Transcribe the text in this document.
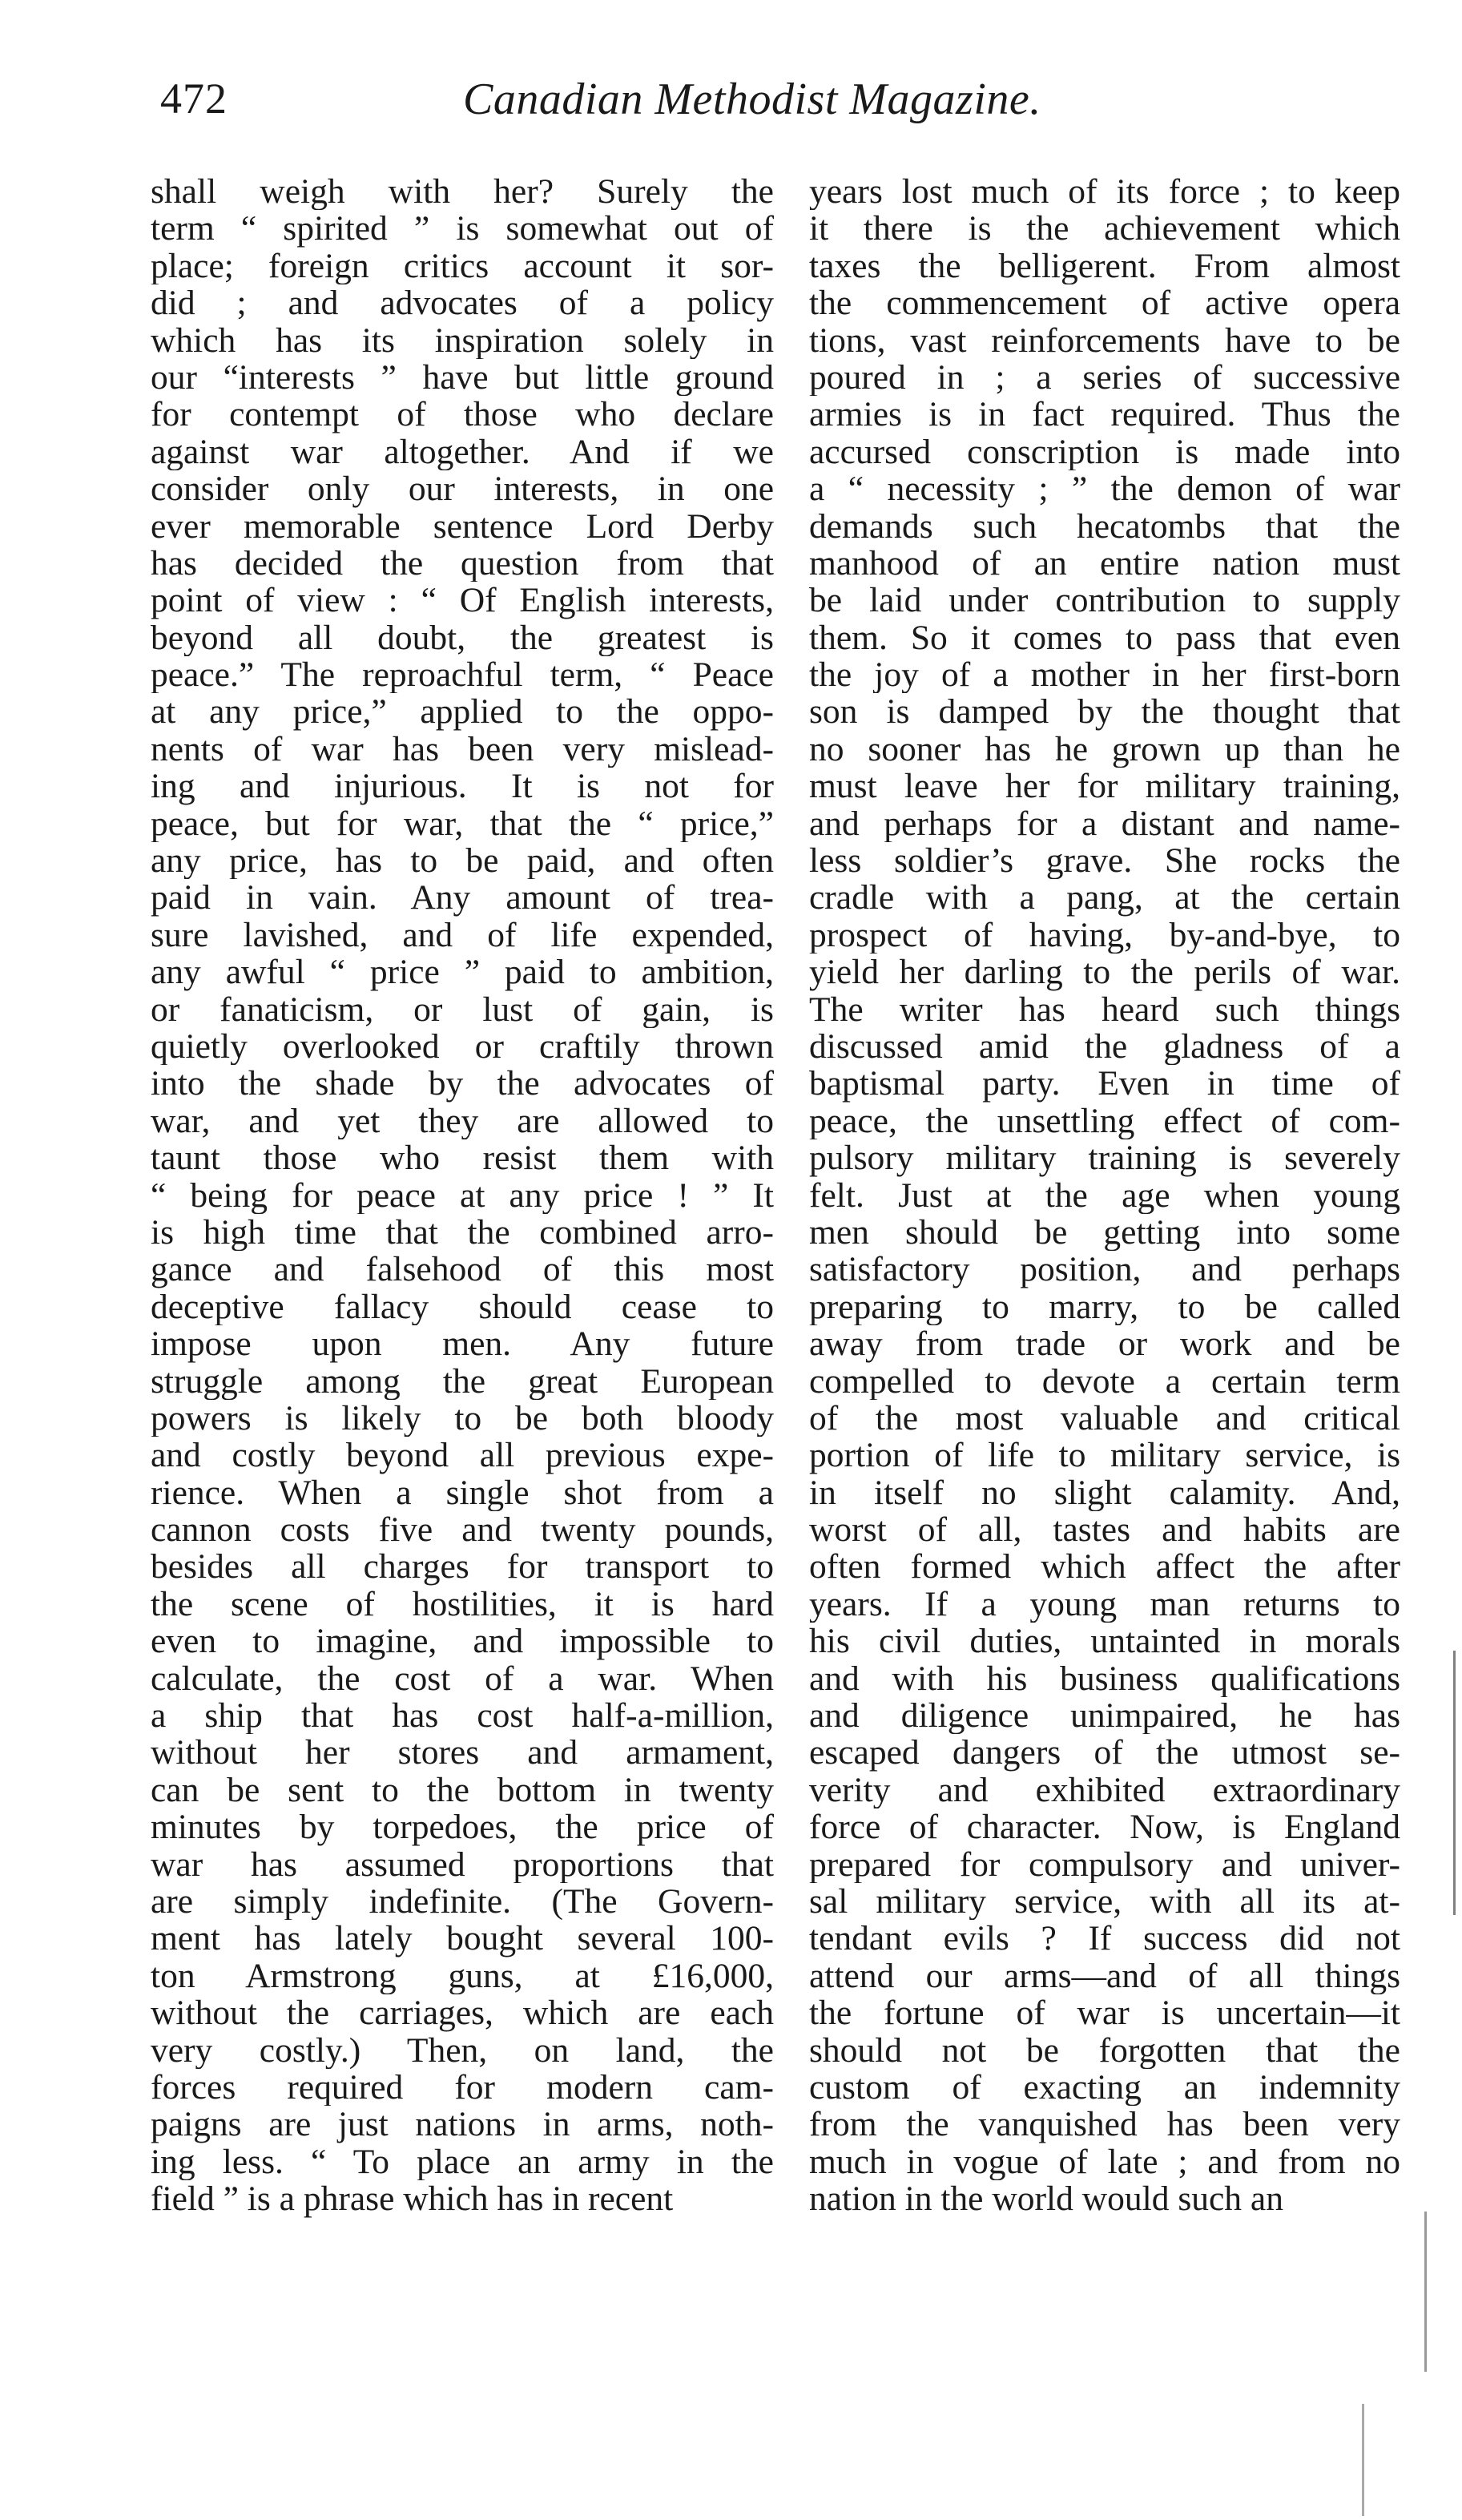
472	Canadian Methodist Magazine.
shall weigh with her? Surely the
term “ spirited ” is somewhat out of
place; foreign critics account it sor-
did ; and advocates of a policy
which has its inspiration solely in
our “interests ” have but little ground
for contempt of those who declare
against war altogether. And if we
consider only our interests, in one
ever memorable sentence Lord Derby
has decided the question from that
point of view : “ Of English interests,
beyond all doubt, the greatest is
peace.” The reproachful term, “ Peace
at any price,” applied to the oppo-
nents of war has been very mislead-
ing and injurious. It is not for
peace, but for war, that the “ price,”
any price, has to be paid, and often
paid in vain. Any amount of trea-
sure lavished, and of life expended,
any awful “ price ” paid to ambition,
or fanaticism, or lust of gain, is
quietly overlooked or craftily thrown
into the shade by the advocates of
war, and yet they are allowed to
taunt those who resist them with
“ being for peace at any price ! ” It
is high time that the combined arro-
gance and falsehood of this most
deceptive fallacy should cease to
impose upon men. Any future
struggle among the great European
powers is likely to be both bloody
and costly beyond all previous expe-
rience. When a single shot from a
cannon costs five and twenty pounds,
besides all charges for transport to
the scene of hostilities, it is hard
even to imagine, and impossible to
calculate, the cost of a war. When
a ship that has cost half-a-million,
without her stores and armament,
can be sent to the bottom in twenty
minutes by torpedoes, the price of
war has assumed proportions that
are simply indefinite. (The Govern-
ment has lately bought several 100-
ton Armstrong guns, at £16,000,
without the carriages, which are each
very costly.) Then, on land, the
forces required for modern cam-
paigns are just nations in arms, noth-
ing less. “ To place an army in the
field ” is a phrase which has in recent
years lost much of its force ; to keep
it there is the achievement which
taxes the belligerent. From almost
the commencement of active opera
tions, vast reinforcements have to be
poured in ; a series of successive
armies is in fact required. Thus the
accursed conscription is made into
a “ necessity ; ” the demon of war
demands such hecatombs that the
manhood of an entire nation must
be laid under contribution to supply
them. So it comes to pass that even
the joy of a mother in her first-born
son is damped by the thought that
no sooner has he grown up than he
must leave her for military training,
and perhaps for a distant and name-
less soldier’s grave. She rocks the
cradle with a pang, at the certain
prospect of having, by-and-bye, to
yield her darling to the perils of war.
The writer has heard such things
discussed amid the gladness of a
baptismal party. Even in time of
peace, the unsettling effect of com-
pulsory military training is severely
felt. Just at the age when young
men should be getting into some
satisfactory position, and perhaps
preparing to marry, to be called
away from trade or work and be
compelled to devote a certain term
of the most valuable and critical
portion of life to military service, is
in itself no slight calamity. And,
worst of all, tastes and habits are
often formed which affect the after
years. If a young man returns to
his civil duties, untainted in morals
and with his business qualifications
and diligence unimpaired, he has
escaped dangers of the utmost se-
verity and exhibited extraordinary
force of character. Now, is England
prepared for compulsory and univer-
sal military service, with all its at-
tendant evils ? If success did not
attend our arms—and of all things
the fortune of war is uncertain—it
should not be forgotten that the
custom of exacting an indemnity
from the vanquished has been very
much in vogue of late ; and from no
nation in the world would such an
